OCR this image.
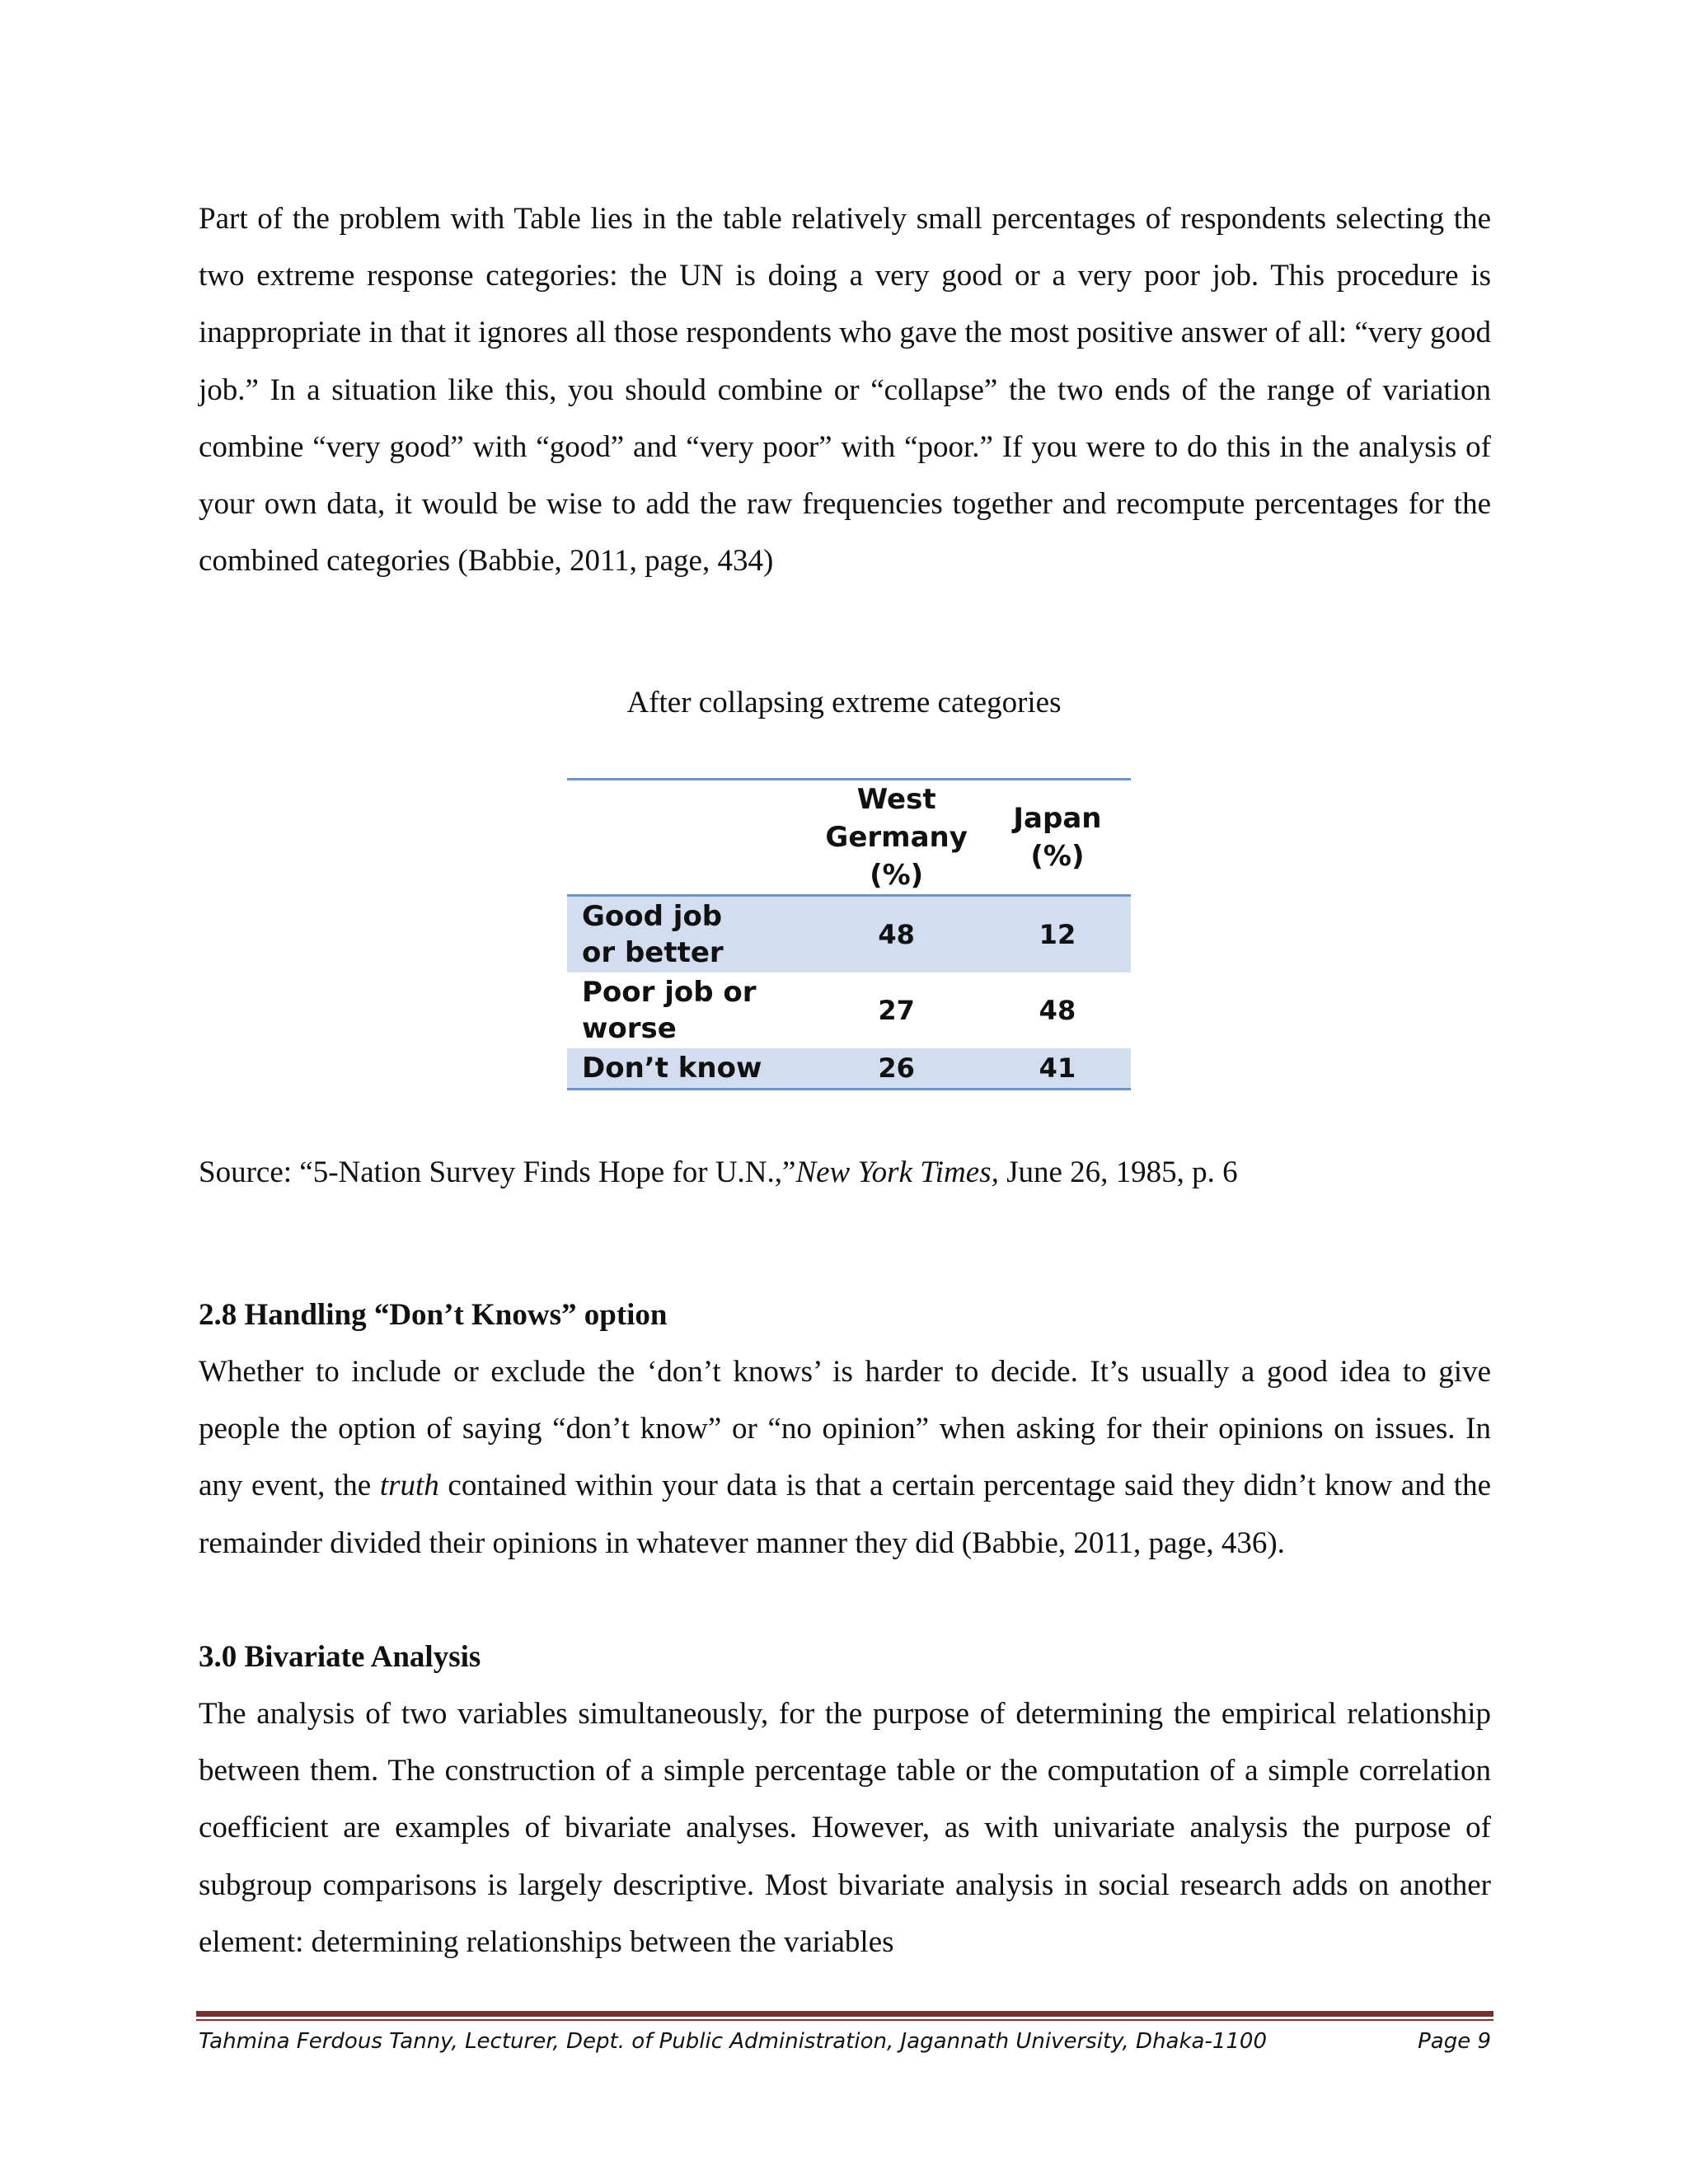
Part of the problem with Table lies in the table relatively small percentages of respondents selecting the two extreme response categories: the UN is doing a very good or a very poor job. This procedure is inappropriate in that it ignores all those respondents who gave the most positive answer of all: “very good job.” In a situation like this, you should combine or “collapse” the two ends of the range of variation combine “very good” with “good” and “very poor” with “poor.” If you were to do this in the analysis of your own data, it would be wise to add the raw frequencies together and recompute percentages for the combined categories (Babbie, 2011, page, 434)

After collapsing extreme categories

	West Germany (%)	Japan (%)
Good job or better	48	12
Poor job or worse	27	48
Don’t know	26	41

Source: “5-Nation Survey Finds Hope for U.N.,”New York Times, June 26, 1985, p. 6

2.8 Handling “Don’t Knows” option

Whether to include or exclude the ‘don’t knows’ is harder to decide. It’s usually a good idea to give people the option of saying “don’t know” or “no opinion” when asking for their opinions on issues. In any event, the truth contained within your data is that a certain percentage said they didn’t know and the remainder divided their opinions in whatever manner they did (Babbie, 2011, page, 436).

3.0 Bivariate Analysis

The analysis of two variables simultaneously, for the purpose of determining the empirical relationship between them. The construction of a simple percentage table or the computation of a simple correlation coefficient are examples of bivariate analyses. However, as with univariate analysis the purpose of subgroup comparisons is largely descriptive. Most bivariate analysis in social research adds on another element: determining relationships between the variables

Tahmina Ferdous Tanny, Lecturer, Dept. of Public Administration, Jagannath University, Dhaka-1100	Page 9
